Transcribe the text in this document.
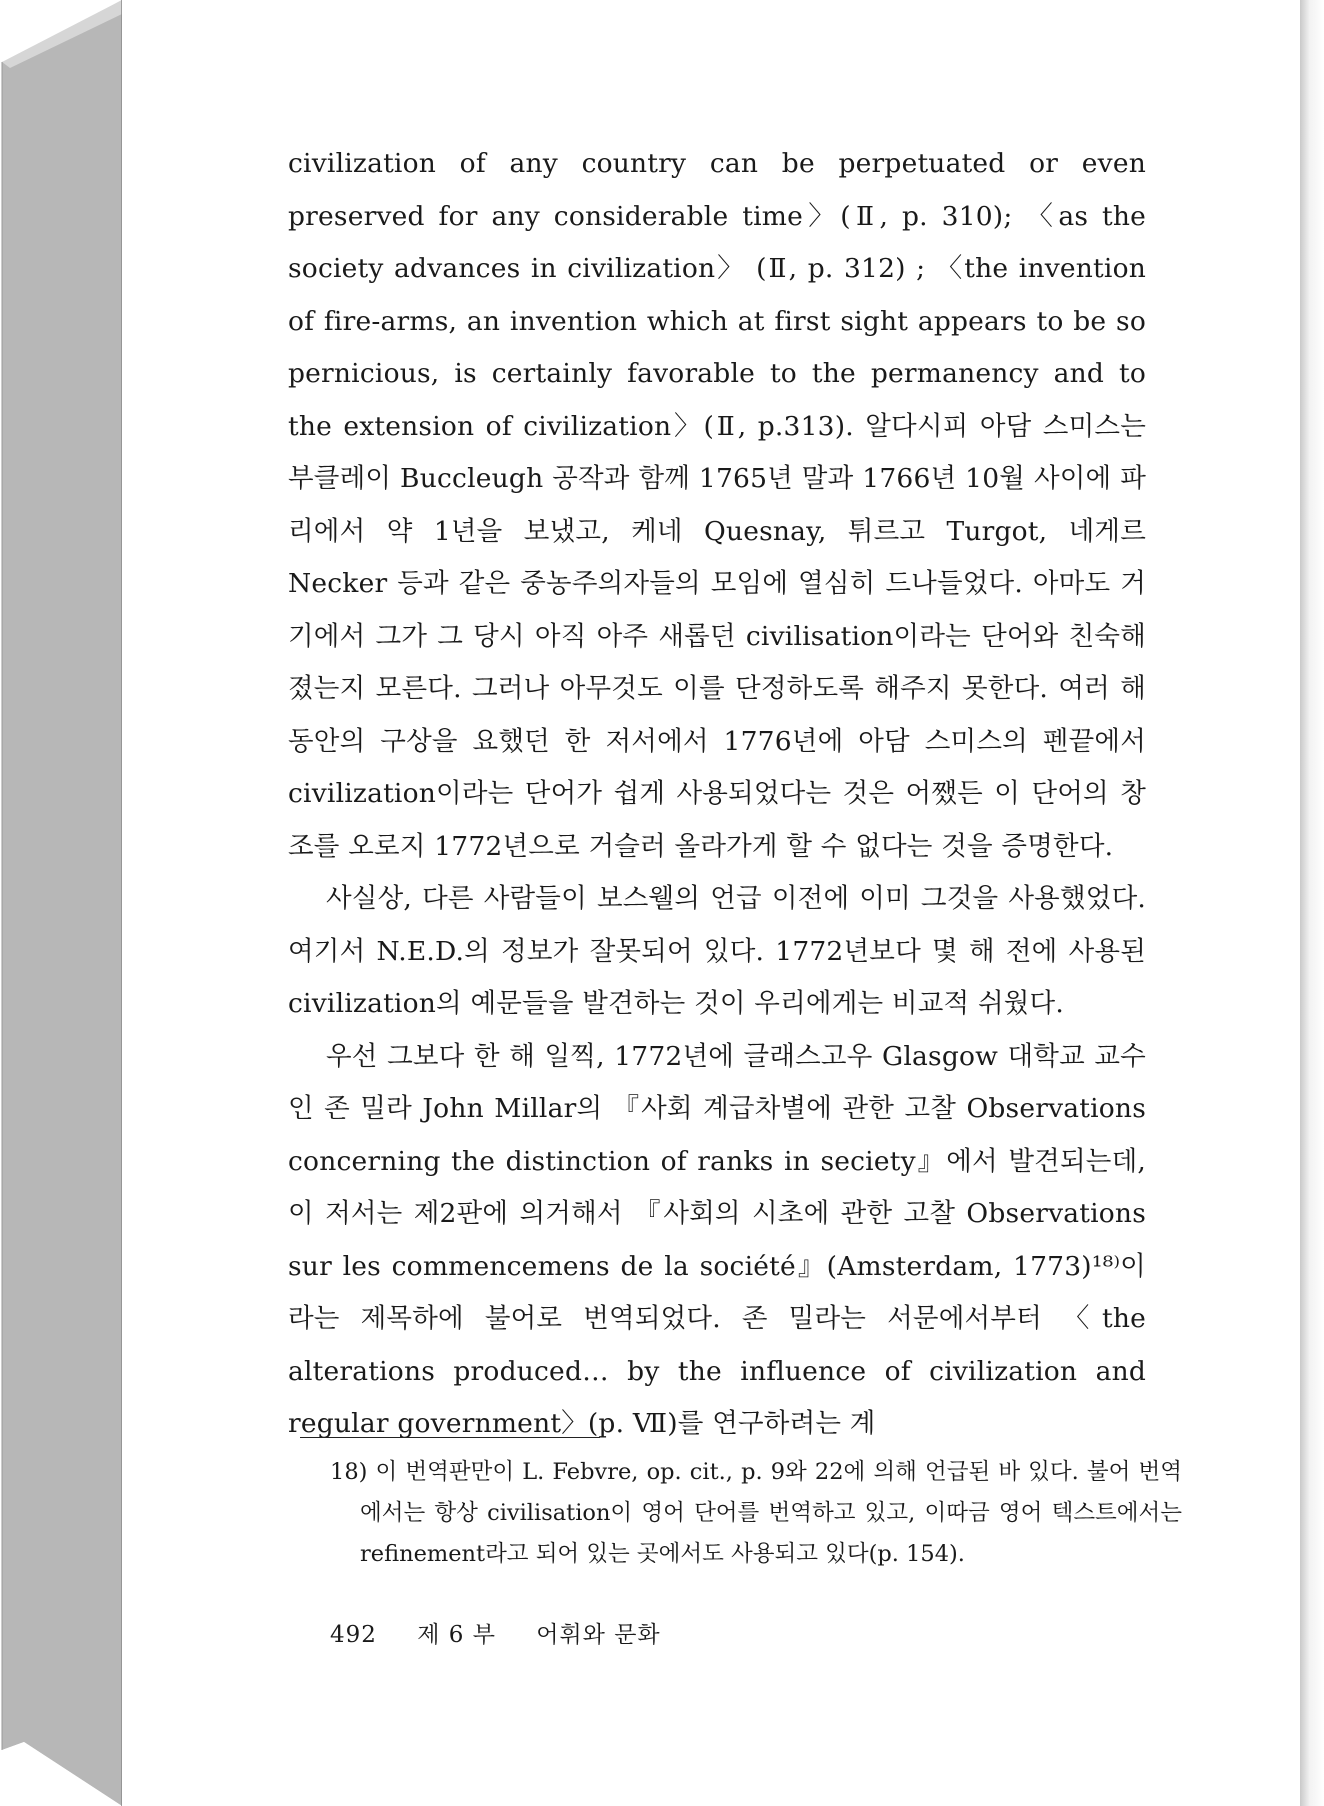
civilization of any country can be perpetuated or even preserved for any considerable time〉(Ⅱ, p. 310); 〈as the society advances in civilization〉 (Ⅱ, p. 312) ; 〈the invention of fire-arms, an invention which at first sight appears to be so pernicious, is certainly favorable to the permanency and to the extension of civilization〉(Ⅱ, p.313). 알다시피 아담 스미스는 부클레이 Buccleugh 공작과 함께 1765년 말과 1766년 10월 사이에 파리에서 약 1년을 보냈고, 케네 Quesnay, 튀르고 Turgot, 네게르 Necker 등과 같은 중농주의자들의 모임에 열심히 드나들었다. 아마도 거기에서 그가 그 당시 아직 아주 새롭던 civilisation이라는 단어와 친숙해졌는지 모른다. 그러나 아무것도 이를 단정하도록 해주지 못한다. 여러 해 동안의 구상을 요했던 한 저서에서 1776년에 아담 스미스의 펜끝에서 civilization이라는 단어가 쉽게 사용되었다는 것은 어쨌든 이 단어의 창조를 오로지 1772년으로 거슬러 올라가게 할 수 없다는 것을 증명한다.

사실상, 다른 사람들이 보스웰의 언급 이전에 이미 그것을 사용했었다. 여기서 N.E.D.의 정보가 잘못되어 있다. 1772년보다 몇 해 전에 사용된 civilization의 예문들을 발견하는 것이 우리에게는 비교적 쉬웠다.

우선 그보다 한 해 일찍, 1772년에 글래스고우 Glasgow 대학교 교수인 존 밀라 John Millar의 『사회 계급차별에 관한 고찰 Observations concerning the distinction of ranks in seciety』에서 발견되는데, 이 저서는 제2판에 의거해서 『사회의 시초에 관한 고찰 Observations sur les commencemens de la société』(Amsterdam, 1773)¹⁸⁾이라는 제목하에 불어로 번역되었다. 존 밀라는 서문에서부터 〈the alterations produced… by the influence of civilization and regular government〉(p. Ⅶ)를 연구하려는 계

18) 이 번역판만이 L. Febvre, op. cit., p. 9와 22에 의해 언급된 바 있다. 불어 번역에서는 항상 civilisation이 영어 단어를 번역하고 있고, 이따금 영어 텍스트에서는 refinement라고 되어 있는 곳에서도 사용되고 있다(p. 154).
492 제 6 부 어휘와 문화
